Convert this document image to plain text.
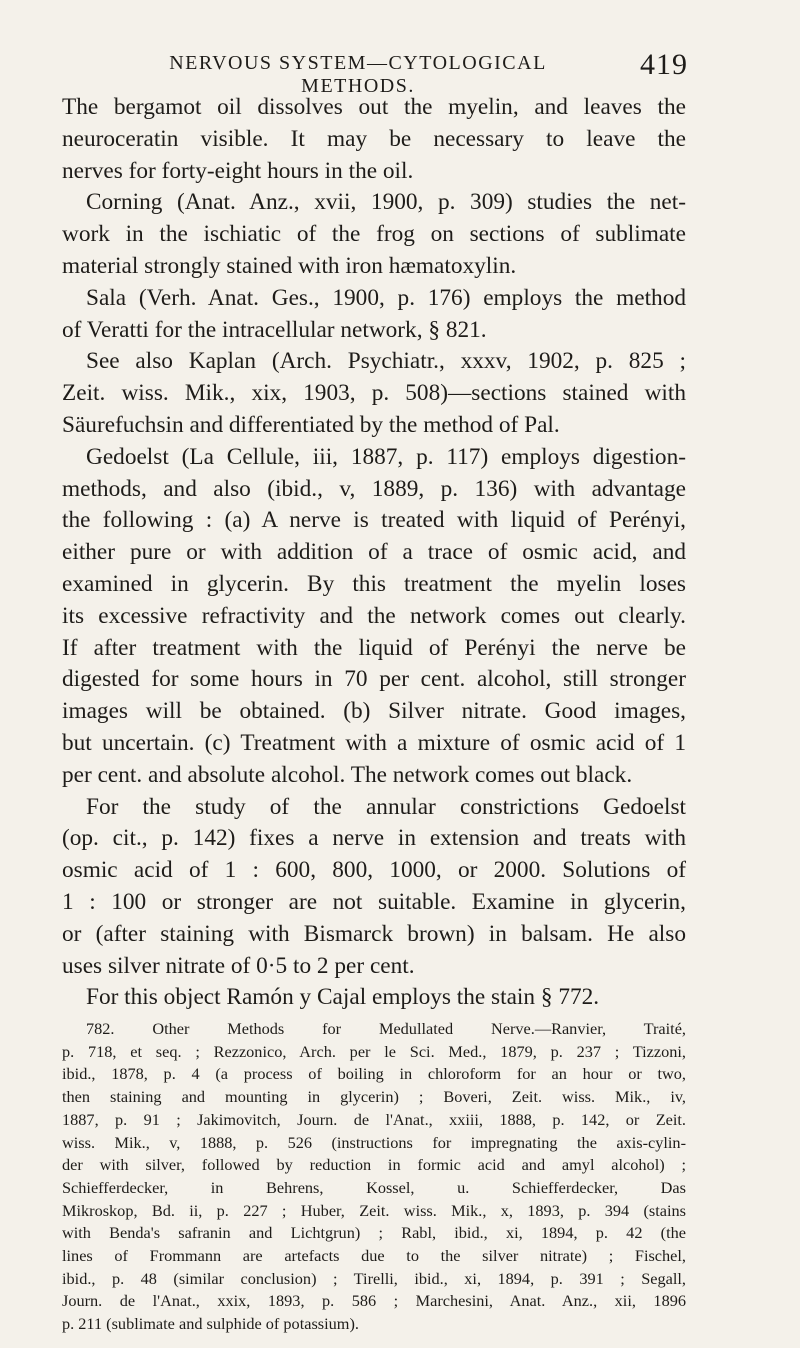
NERVOUS SYSTEM—CYTOLOGICAL METHODS.
419
The bergamot oil dissolves out the myelin, and leaves the
neuroceratin visible. It may be necessary to leave the
nerves for forty-eight hours in the oil.
Corning (Anat. Anz., xvii, 1900, p. 309) studies the net-
work in the ischiatic of the frog on sections of sublimate
material strongly stained with iron hæmatoxylin.
Sala (Verh. Anat. Ges., 1900, p. 176) employs the method
of Veratti for the intracellular network, § 821.
See also Kaplan (Arch. Psychiatr., xxxv, 1902, p. 825 ;
Zeit. wiss. Mik., xix, 1903, p. 508)—sections stained with
Säurefuchsin and differentiated by the method of Pal.
Gedoelst (La Cellule, iii, 1887, p. 117) employs digestion-
methods, and also (ibid., v, 1889, p. 136) with advantage
the following : (a) A nerve is treated with liquid of Perényi,
either pure or with addition of a trace of osmic acid, and
examined in glycerin. By this treatment the myelin loses
its excessive refractivity and the network comes out clearly.
If after treatment with the liquid of Perényi the nerve be
digested for some hours in 70 per cent. alcohol, still stronger
images will be obtained. (b) Silver nitrate. Good images,
but uncertain. (c) Treatment with a mixture of osmic acid of 1
per cent. and absolute alcohol. The network comes out black.
For the study of the annular constrictions Gedoelst
(op. cit., p. 142) fixes a nerve in extension and treats with
osmic acid of 1 : 600, 800, 1000, or 2000. Solutions of
1 : 100 or stronger are not suitable. Examine in glycerin,
or (after staining with Bismarck brown) in balsam. He also
uses silver nitrate of 0·5 to 2 per cent.
For this object Ramón y Cajal employs the stain § 772.
782. Other Methods for Medullated Nerve.—Ranvier, Traité,
p. 718, et seq. ; Rezzonico, Arch. per le Sci. Med., 1879, p. 237 ; Tizzoni,
ibid., 1878, p. 4 (a process of boiling in chloroform for an hour or two,
then staining and mounting in glycerin) ; Boveri, Zeit. wiss. Mik., iv,
1887, p. 91 ; Jakimovitch, Journ. de l'Anat., xxiii, 1888, p. 142, or Zeit.
wiss. Mik., v, 1888, p. 526 (instructions for impregnating the axis-cylin-
der with silver, followed by reduction in formic acid and amyl alcohol) ;
Schiefferdecker, in Behrens, Kossel, u. Schiefferdecker, Das
Mikroskop, Bd. ii, p. 227 ; Huber, Zeit. wiss. Mik., x, 1893, p. 394 (stains
with Benda's safranin and Lichtgrun) ; Rabl, ibid., xi, 1894, p. 42 (the
lines of Frommann are artefacts due to the silver nitrate) ; Fischel,
ibid., p. 48 (similar conclusion) ; Tirelli, ibid., xi, 1894, p. 391 ; Segall,
Journ. de l'Anat., xxix, 1893, p. 586 ; Marchesini, Anat. Anz., xii, 1896
p. 211 (sublimate and sulphide of potassium).
